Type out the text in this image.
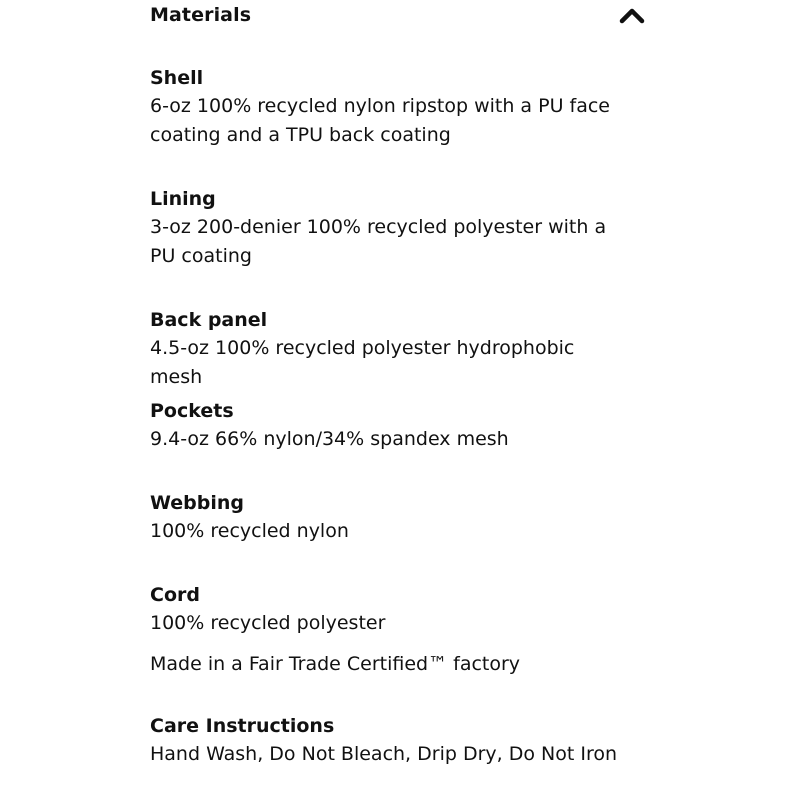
Materials
Shell
6-oz 100% recycled nylon ripstop with a PU face coating and a TPU back coating
Lining
3-oz 200-denier 100% recycled polyester with a PU coating
Back panel
4.5-oz 100% recycled polyester hydrophobic mesh
Pockets
9.4-oz 66% nylon/34% spandex mesh
Webbing
100% recycled nylon
Cord
100% recycled polyester
Made in a Fair Trade Certified™ factory
Care Instructions
Hand Wash, Do Not Bleach, Drip Dry, Do Not Iron
